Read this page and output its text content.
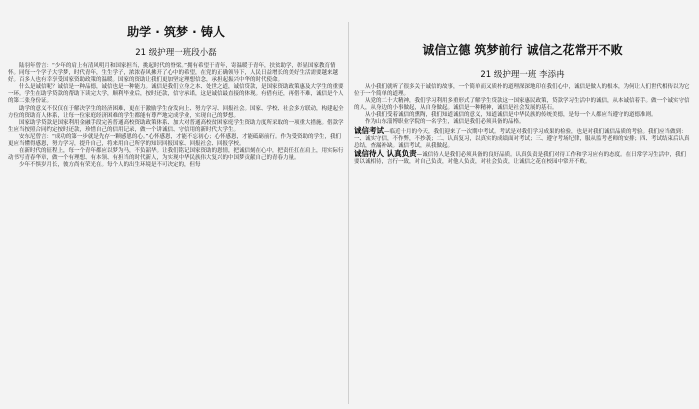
助学 · 筑梦 · 铸人
21 级护理一班段小磊

陆羽年曾言：“少年的肩上有清风明月和国家担当，挑起时代的脊梁。”拥有希望于青年，寄温暖于青年，扶贫助学，彰显国家教育情怀。同每一个学子大学梦，时代青年，生生学子，浓浓春风拂开了心中的希望，在党的正确领导下，人民日益增长的美好生活需要越来越好。百多人也有幸享受国家资助政策的温暖。国家的资助让我们更加坚定理想信念，承担起振兴中华的时代使命。

什么是诚信呢？诚信是一种品德，诚信也是一种能力。诚信是我们立身之本、处世之道，诚信贷款，是国家资助政策惠及大学生的重要一环。学生在助学贷款的帮助下读完大学，顺利毕业后，按时还款，信守承诺，这是诚信最直接的体现。有借有还，再借不难，诚信是个人的第二张身份证。

助学的意义不仅仅在于解决学生的经济困难，更在于激励学生奋发向上、努力学习、回报社会。国家、学校、社会多方联动，构建起全方位的资助育人体系，让每一位家庭经济困难的学生都能有尊严地完成学业，实现自己的梦想。

国家助学贷款是国家利用金融手段完善普通高校资助政策体系、加大对普通高校贫困家庭学生资助力度所采取的一项重大措施。借款学生应当按照合同约定按时还款，珍惜自己的信用记录，做一个讲诚信、守信用的新时代大学生。

安东尼曾言：“成功的第一步就是先存一颗感恩的心。”心怀感恩，才能不忘初心；心怀感恩，才能砥砺前行。作为受资助的学生，我们更应当懂得感恩，努力学习，提升自己，将来用自己所学的知识回报国家、回报社会、回报学校。

在新时代的征程上，每一个青年都应以梦为马，不负韶华。让我们铭记国家资助的恩情，把诚信刻在心中，把责任扛在肩上，用实际行动书写青春华章，做一个有理想、有本领、有担当的时代新人，为实现中华民族伟大复兴的中国梦贡献自己的青春力量。

少年不惧岁月长，彼方尚有荣光在。每个人的出生环境是不可决定的，但每

诚信立德 筑梦前行 诚信之花常开不败
21 级护理一班 李添冉

从小我们就听了很多关于诚信的故事，一个简单而又质朴的道理深深地印在我们心中，诚信是做人的根本，为何让人们世代相传以为它位于一个简单的道理。

从党的二十大精神，我们学习利用多重形式了解学生贷款这一国家惠民政策，贷款学习生活中的诚信，从本诚信着手。做一个诚实守信的人，从身边的小事做起，从自身做起。诚信是一种精神，诚信是社会发展的基石。

从小我们受着诚信的熏陶，我们知道诚信的意义，知道诚信是中华民族的传统美德，是每一个人都应当遵守的道德准则。

作为山东淄博职业学院的一名学生，诚信是我们必须具备的品格。

诚信考试—临近十月的今天，我们迎来了一次期中考试。考试是对我们学习成果的检验，也是对我们诚信品质的考验。我们应当做到：一、诚实守信，不作弊，不抄袭；二、认真复习，以真实的成绩面对考试；三、遵守考场纪律，服从监考老师的安排；四、考试结束后认真总结，查漏补缺。诚信考试，从我做起。

诚信待人 认真负责—诚信待人是我们必须具备的良好品质。认真负责是我们对待工作和学习应有的态度。在日常学习生活中，我们要以诚相待，言行一致，对自己负责，对他人负责，对社会负责，让诚信之花在校园中常开不败。
